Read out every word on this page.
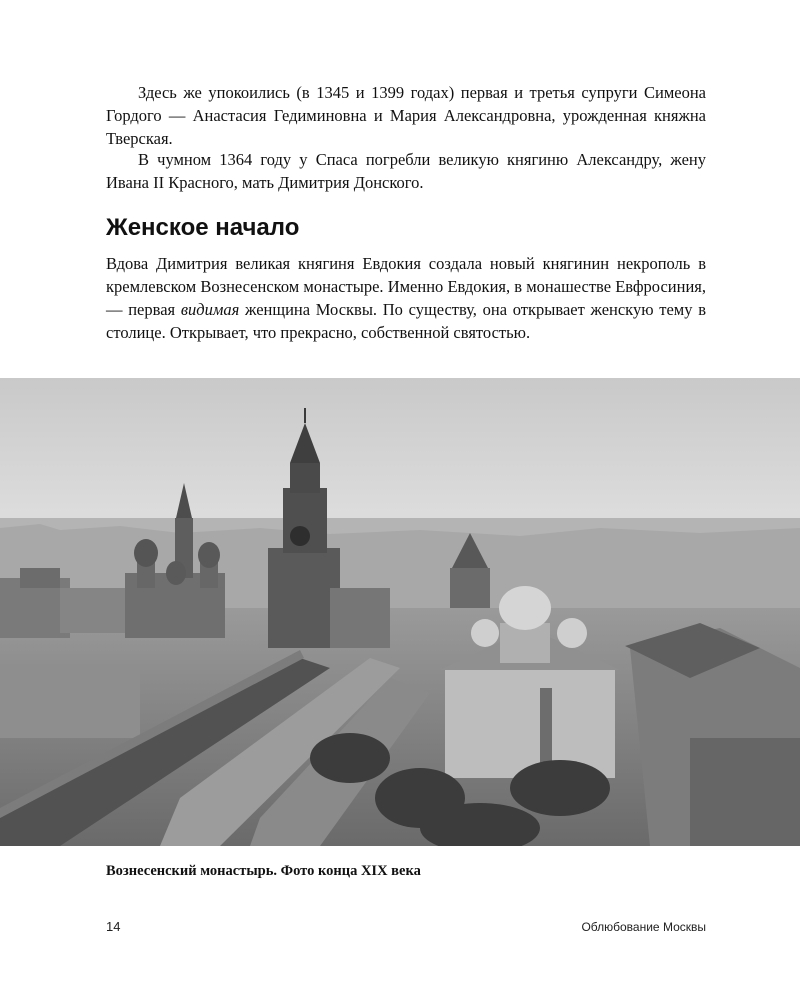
Здесь же упокоились (в 1345 и 1399 годах) первая и третья супруги Симеона Гордого — Анастасия Гедиминовна и Мария Александровна, урожденная княжна Тверская.

В чумном 1364 году у Спаса погребли великую княгиню Александру, жену Ивана II Красного, мать Димитрия Донского.

Женское начало

Вдова Димитрия великая княгиня Евдокия создала новый княгинин некрополь в кремлевском Вознесенском монастыре. Именно Евдокия, в монашестве Евфросиния, — первая видимая женщина Москвы. По существу, она открывает женскую тему в столице. Открывает, что прекрасно, собственной святостью.

Вознесенский монастырь. Фото конца XIX века

14	Облюбование Москвы
